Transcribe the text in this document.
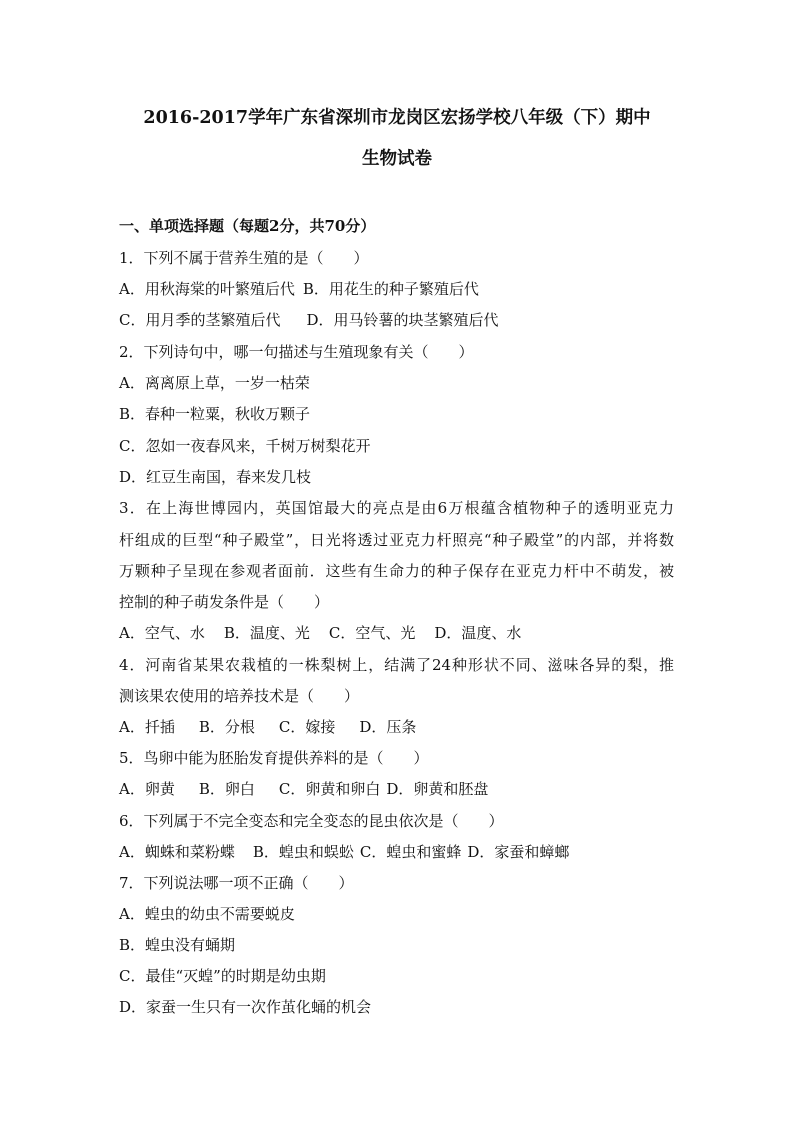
2016-2017学年广东省深圳市龙岗区宏扬学校八年级（下）期中
生物试卷
一、单项选择题（每题2分，共70分）
1．下列不属于营养生殖的是（　　）
A．用秋海棠的叶繁殖后代 B．用花生的种子繁殖后代
C．用月季的茎繁殖后代 D．用马铃薯的块茎繁殖后代
2．下列诗句中，哪一句描述与生殖现象有关（　　）
A．离离原上草，一岁一枯荣
B．春种一粒粟，秋收万颗子
C．忽如一夜春风来，千树万树梨花开
D．红豆生南国，春来发几枝
3．在上海世博园内，英国馆最大的亮点是由6万根蕴含植物种子的透明亚克力
杆组成的巨型“种子殿堂”，日光将透过亚克力杆照亮“种子殿堂”的内部，并将数
万颗种子呈现在参观者面前．这些有生命力的种子保存在亚克力杆中不萌发，被
控制的种子萌发条件是（　　）
A．空气、水 B．温度、光 C．空气、光 D．温度、水
4．河南省某果农栽植的一株梨树上，结满了24种形状不同、滋味各异的梨，推
测该果农使用的培养技术是（　　）
A．扦插 B．分根 C．嫁接 D．压条
5．鸟卵中能为胚胎发育提供养料的是（　　）
A．卵黄 B．卵白 C．卵黄和卵白 D．卵黄和胚盘
6．下列属于不完全变态和完全变态的昆虫依次是（　　）
A．蜘蛛和菜粉蝶 B．蝗虫和蜈蚣 C．蝗虫和蜜蜂 D．家蚕和蟑螂
7．下列说法哪一项不正确（　　）
A．蝗虫的幼虫不需要蜕皮
B．蝗虫没有蛹期
C．最佳“灭蝗”的时期是幼虫期
D．家蚕一生只有一次作茧化蛹的机会
